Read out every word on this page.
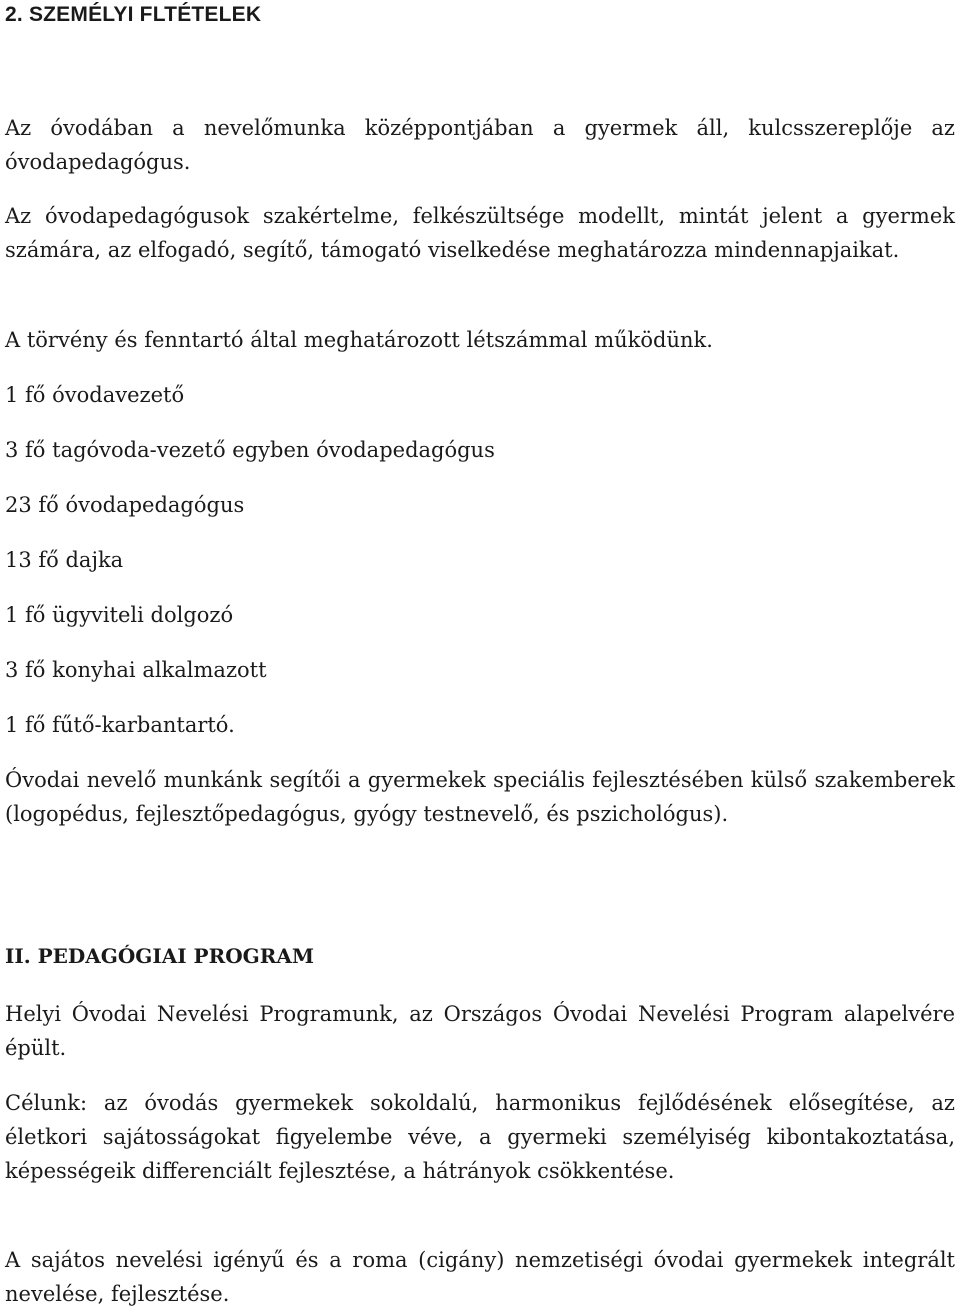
2. SZEMÉLYI FLTÉTELEK

Az óvodában a nevelőmunka középpontjában a gyermek áll, kulcsszereplője az óvodapedagógus.

Az óvodapedagógusok szakértelme, felkészültsége modellt, mintát jelent a gyermek számára, az elfogadó, segítő, támogató viselkedése meghatározza mindennapjaikat.

A törvény és fenntartó által meghatározott létszámmal működünk.

1 fő óvodavezető

3 fő tagóvoda-vezető egyben óvodapedagógus

23 fő óvodapedagógus

13 fő dajka

1 fő ügyviteli dolgozó

3 fő konyhai alkalmazott

1 fő fűtő-karbantartó.

Óvodai nevelő munkánk segítői a gyermekek speciális fejlesztésében külső szakemberek (logopédus, fejlesztőpedagógus, gyógy testnevelő, és pszichológus).

II. PEDAGÓGIAI PROGRAM

Helyi Óvodai Nevelési Programunk, az Országos Óvodai Nevelési Program alapelvére épült.

Célunk: az óvodás gyermekek sokoldalú, harmonikus fejlődésének elősegítése, az életkori sajátosságokat figyelembe véve, a gyermeki személyiség kibontakoztatása, képességeik differenciált fejlesztése, a hátrányok csökkentése.

A sajátos nevelési igényű és a roma (cigány) nemzetiségi óvodai gyermekek integrált nevelése, fejlesztése.
